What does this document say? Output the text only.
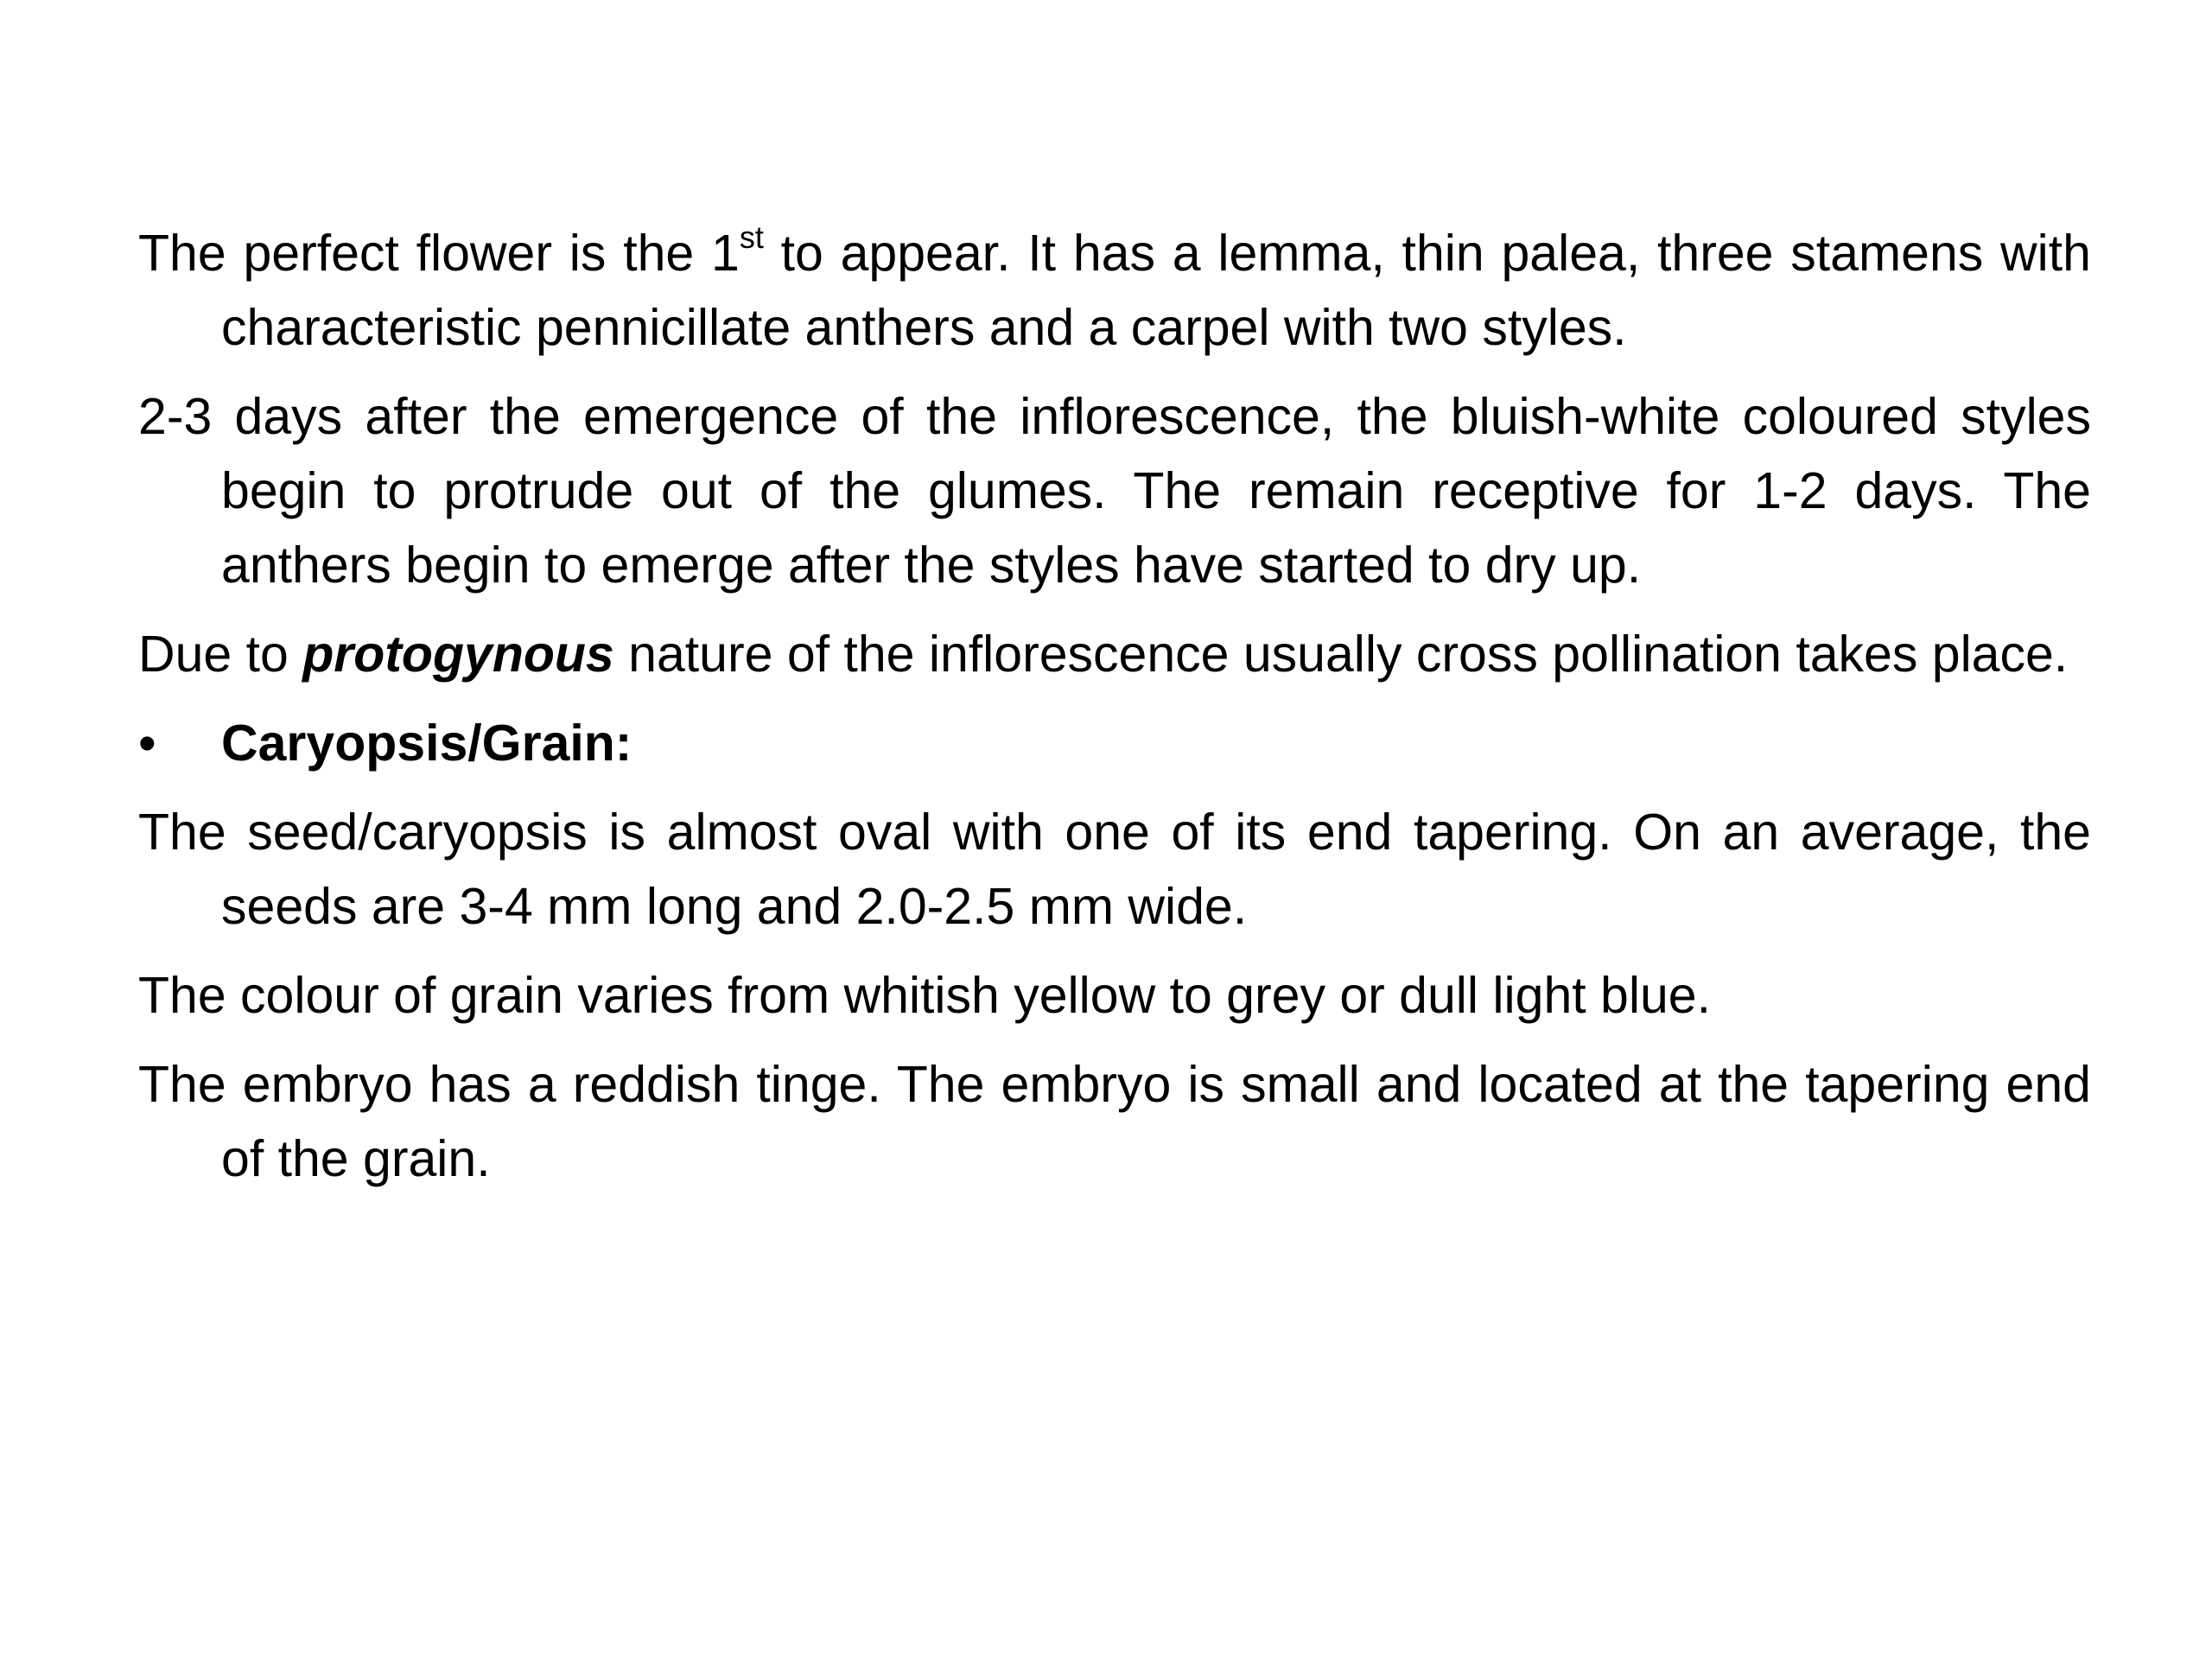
The perfect flower is the 1st to appear. It has a lemma, thin palea, three stamens with characteristic pennicillate anthers and a carpel with two styles.

2-3 days after the emergence of the inflorescence, the bluish-white coloured styles begin to protrude out of the glumes. The remain receptive for 1-2 days. The anthers begin to emerge after the styles have started to dry up.

Due to protogynous nature of the inflorescence usually cross pollination takes place.

• Caryopsis/Grain:

The seed/caryopsis is almost oval with one of its end tapering. On an average, the seeds are 3-4 mm long and 2.0-2.5 mm wide.

The colour of grain varies from whitish yellow to grey or dull light blue.

The embryo has a reddish tinge. The embryo is small and located at the tapering end of the grain.
